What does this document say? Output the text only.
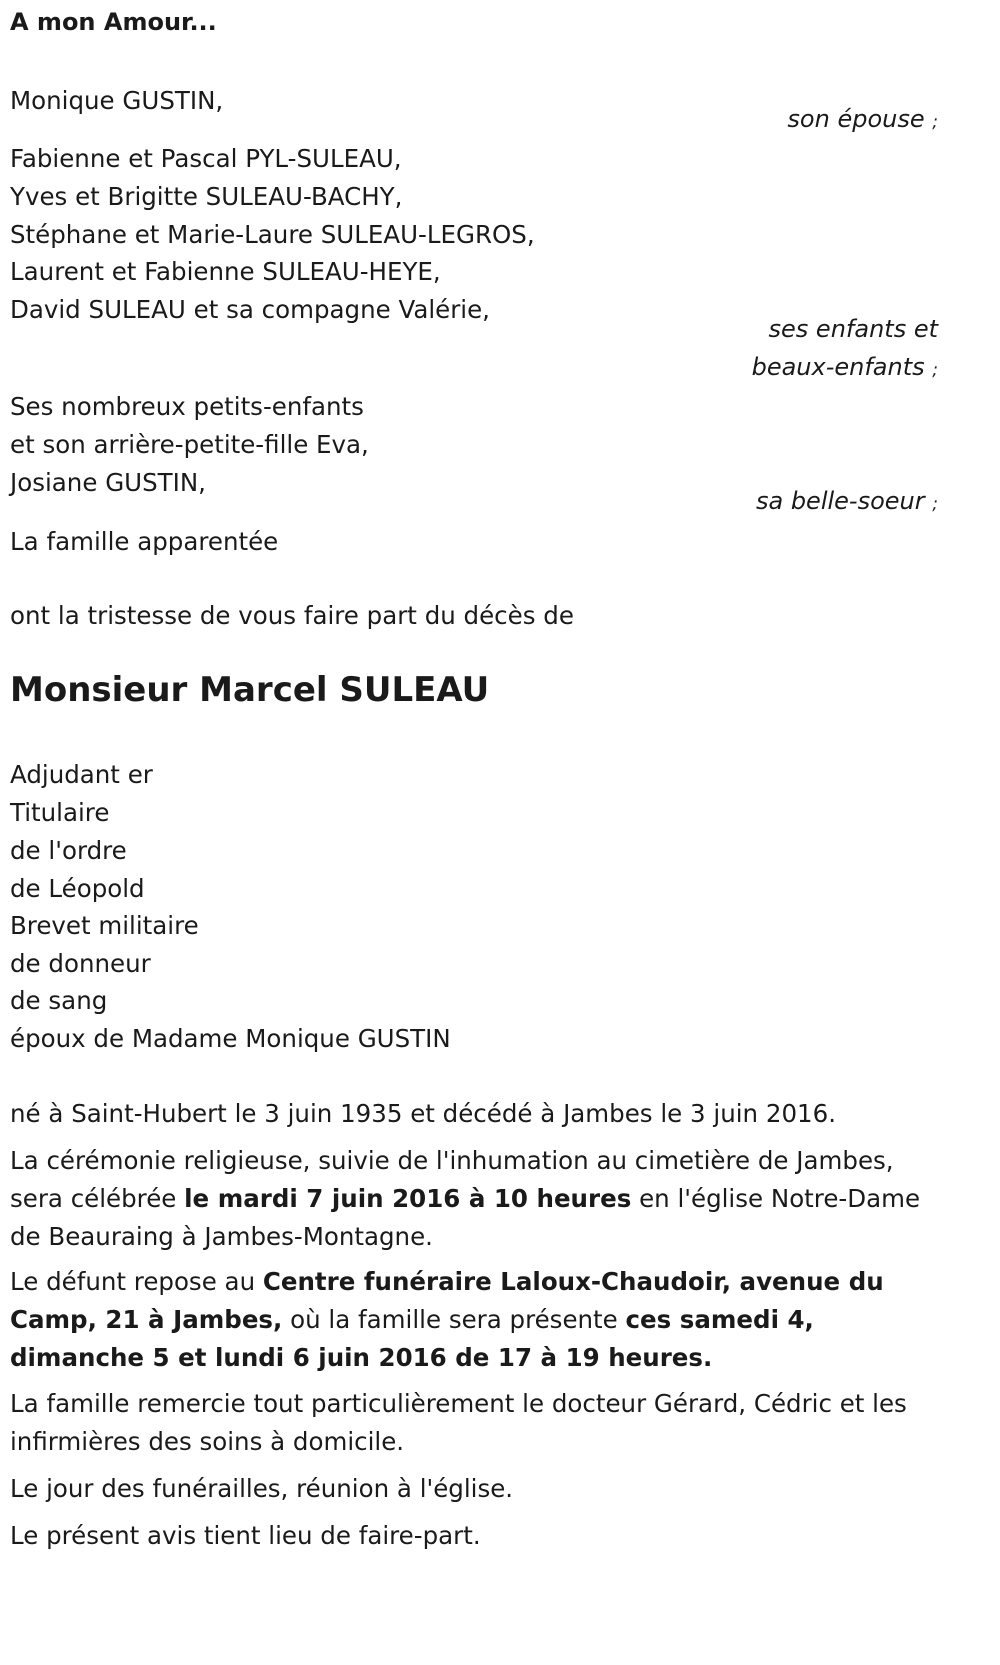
A mon Amour...
Monique GUSTIN,
son épouse ;
Fabienne et Pascal PYL-SULEAU,
Yves et Brigitte SULEAU-BACHY,
Stéphane et Marie-Laure SULEAU-LEGROS,
Laurent et Fabienne SULEAU-HEYE,
David SULEAU et sa compagne Valérie,
ses enfants et
beaux-enfants ;
Ses nombreux petits-enfants
et son arrière-petite-fille Eva,
Josiane GUSTIN,
sa belle-soeur ;
La famille apparentée
ont la tristesse de vous faire part du décès de
Monsieur Marcel SULEAU
Adjudant er
Titulaire
de l'ordre
de Léopold
Brevet militaire
de donneur
de sang
époux de Madame Monique GUSTIN
né à Saint-Hubert le 3 juin 1935 et décédé à Jambes le 3 juin 2016.
La cérémonie religieuse, suivie de l'inhumation au cimetière de Jambes, sera célébrée le mardi 7 juin 2016 à 10 heures en l'église Notre-Dame de Beauraing à Jambes-Montagne.
Le défunt repose au Centre funéraire Laloux-Chaudoir, avenue du Camp, 21 à Jambes, où la famille sera présente ces samedi 4, dimanche 5 et lundi 6 juin 2016 de 17 à 19 heures.
La famille remercie tout particulièrement le docteur Gérard, Cédric et les infirmières des soins à domicile.
Le jour des funérailles, réunion à l'église.
Le présent avis tient lieu de faire-part.
